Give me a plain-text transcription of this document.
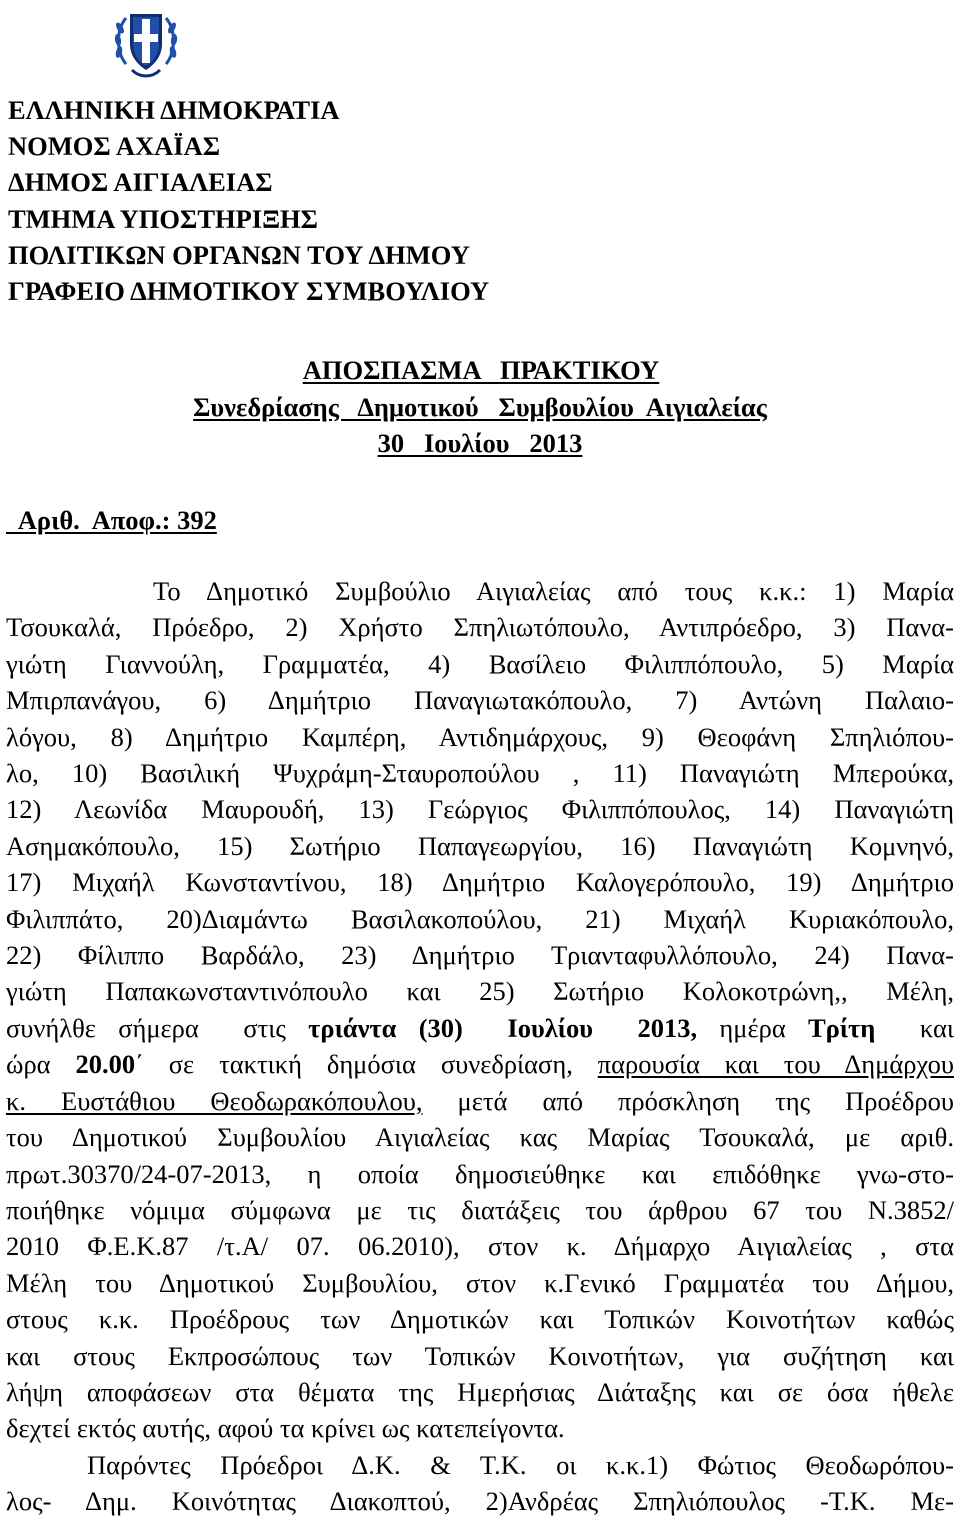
ΕΛΛΗΝΙΚΗ ΔΗΜΟΚΡΑΤΙΑ
ΝΟΜΟΣ ΑΧΑΪΑΣ
ΔΗΜΟΣ ΑΙΓΙΑΛΕΙΑΣ
ΤΜΗΜΑ ΥΠΟΣΤΗΡΙΞΗΣ
ΠΟΛΙΤΙΚΩΝ ΟΡΓΑΝΩΝ ΤΟΥ ΔΗΜΟΥ
ΓΡΑΦΕΙΟ ΔΗΜΟΤΙΚΟΥ ΣΥΜΒΟΥΛΙΟΥ
ΑΠΟΣΠΑΣΜΑ   ΠΡΑΚΤΙΚΟΥ
Συνεδρίασης   Δημοτικού   Συμβουλίου  Αιγιαλείας
30   Ιουλίου   2013
Αριθ.  Αποφ.: 392
Το Δημοτικό Συμβούλιο Αιγιαλείας από τους κ.κ.: 1) Μαρία
Τσουκαλά, Πρόεδρο, 2) Χρήστο Σπηλιωτόπουλο, Αντιπρόεδρο, 3) Πανα-
γιώτη Γιαννούλη, Γραμματέα, 4) Βασίλειο Φιλιππόπουλο, 5) Μαρία
Μπιρπανάγου, 6) Δημήτριο Παναγιωτακόπουλο, 7) Αντώνη Παλαιο-
λόγου, 8) Δημήτριο Καμπέρη, Αντιδημάρχους, 9) Θεοφάνη Σπηλιόπου-
λο, 10) Βασιλική Ψυχράμη-Σταυροπούλου , 11) Παναγιώτη Μπερούκα,
12) Λεωνίδα Μαυρουδή, 13) Γεώργιος Φιλιππόπουλος, 14) Παναγιώτη
Ασημακόπουλο, 15) Σωτήριο Παπαγεωργίου, 16) Παναγιώτη Κομνηνό,
17) Μιχαήλ Κωνσταντίνου, 18) Δημήτριο Καλογερόπουλο, 19) Δημήτριο
Φιλιππάτο, 20)Διαμάντω Βασιλακοπούλου, 21) Μιχαήλ Κυριακόπουλο,
22) Φίλιππο Βαρδάλο, 23) Δημήτριο Τριανταφυλλόπουλο, 24) Πανα-
γιώτη Παπακωνσταντινόπουλο και 25) Σωτήριο Κολοκοτρώνη,, Μέλη,
συνήλθε σήμερα  στις τριάντα (30)  Ιουλίου  2013, ημέρα Τρίτη  και
ώρα 20.00΄ σε τακτική δημόσια συνεδρίαση, παρουσία και του Δημάρχου
κ. Ευστάθιου Θεοδωρακόπουλου, μετά από πρόσκληση της Προέδρου
του Δημοτικού Συμβουλίου Αιγιαλείας κας Μαρίας Τσουκαλά, με αριθ.
πρωτ.30370/24-07-2013, η οποία δημοσιεύθηκε και επιδόθηκε γνω-στο-
ποιήθηκε νόμιμα σύμφωνα με τις διατάξεις του άρθρου 67 του Ν.3852/
2010 Φ.Ε.Κ.87 /τ.Α/ 07. 06.2010), στον κ. Δήμαρχο Αιγιαλείας , στα
Μέλη του Δημοτικού Συμβουλίου, στον κ.Γενικό Γραμματέα του Δήμου,
στους κ.κ. Προέδρους των Δημοτικών και Τοπικών Κοινοτήτων καθώς
και στους Εκπροσώπους των Τοπικών Κοινοτήτων, για συζήτηση και
λήψη αποφάσεων στα θέματα της Ημερήσιας Διάταξης και σε όσα ήθελε
δεχτεί εκτός αυτής, αφού τα κρίνει ως κατεπείγοντα.
Παρόντες Πρόεδροι Δ.Κ. & Τ.Κ. οι κ.κ.1) Φώτιος Θεοδωρόπου-
λος- Δημ. Κοινότητας Διακοπτού, 2)Ανδρέας Σπηλιόπουλος -Τ.Κ. Με-
